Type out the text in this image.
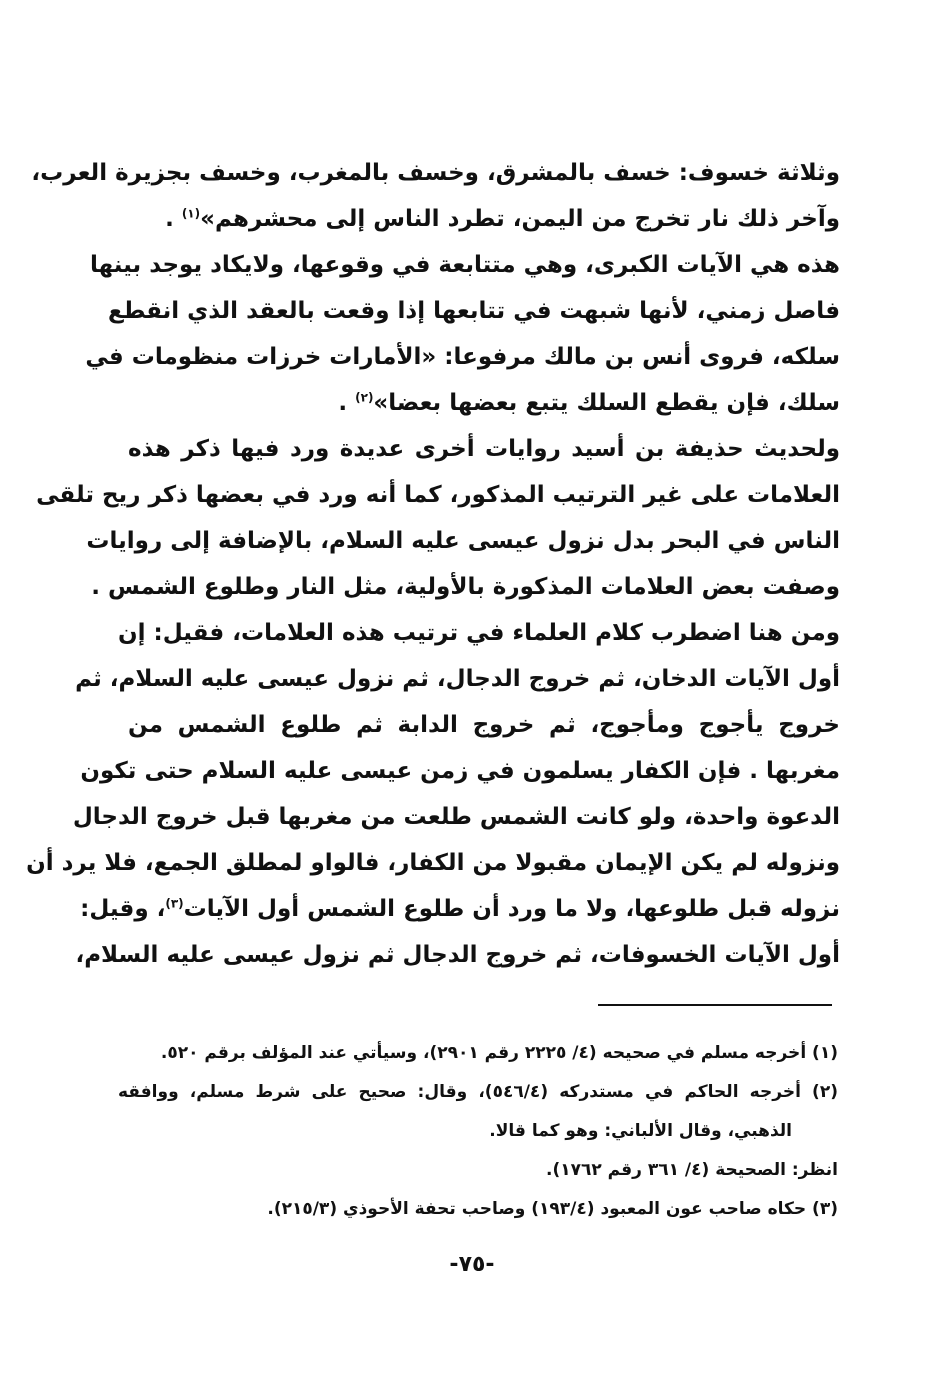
وثلاثة خسوف: خسف بالمشرق، وخسف بالمغرب، وخسف بجزيرة العرب،
وآخر ذلك نار تخرج من اليمن، تطرد الناس إلى محشرهم»$^{(١)}$ .
هذه هي الآيات الكبرى، وهي متتابعة في وقوعها، ولايكاد يوجد بينها
فاصل زمني، لأنها شبهت في تتابعها إذا وقعت بالعقد الذي انقطع
سلكه، فروى أنس بن مالك مرفوعا: «الأمارات خرزات منظومات في
سلك، فإن يقطع السلك يتبع بعضها بعضا»$^{(٢)}$ .
ولحديث حذيفة بن أسيد روايات أخرى عديدة ورد فيها ذكر هذه
العلامات على غير الترتيب المذكور، كما أنه ورد في بعضها ذكر ريح تلقى
الناس في البحر بدل نزول عيسى عليه السلام، بالإضافة إلى روايات
وصفت بعض العلامات المذكورة بالأولية، مثل النار وطلوع الشمس .
ومن هنا اضطرب كلام العلماء في ترتيب هذه العلامات، فقيل: إن
أول الآيات الدخان، ثم خروج الدجال، ثم نزول عيسى عليه السلام، ثم
خروج يأجوج ومأجوج، ثم خروج الدابة ثم طلوع الشمس من
مغربها . فإن الكفار يسلمون في زمن عيسى عليه السلام حتى تكون
الدعوة واحدة، ولو كانت الشمس طلعت من مغربها قبل خروج الدجال
ونزوله لم يكن الإيمان مقبولا من الكفار، فالواو لمطلق الجمع، فلا يرد أن
نزوله قبل طلوعها، ولا ما ورد أن طلوع الشمس أول الآيات$^{(٣)}$، وقيل:
أول الآيات الخسوفات، ثم خروج الدجال ثم نزول عيسى عليه السلام،
(١) أخرجه مسلم في صحيحه (٤/ ٢٢٢٥ رقم ٢٩٠١)، وسيأتي عند المؤلف برقم ٥٢٠.
(٢) أخرجه الحاكم في مستدركه (٥٤٦/٤)، وقال: صحيح على شرط مسلم، ووافقه
الذهبي، وقال الألباني: وهو كما قالا.
انظر: الصحيحة (٤/ ٣٦١ رقم ١٧٦٢).
(٣) حكاه صاحب عون المعبود (١٩٣/٤) وصاحب تحفة الأحوذي (٢١٥/٣).
-٧٥-
